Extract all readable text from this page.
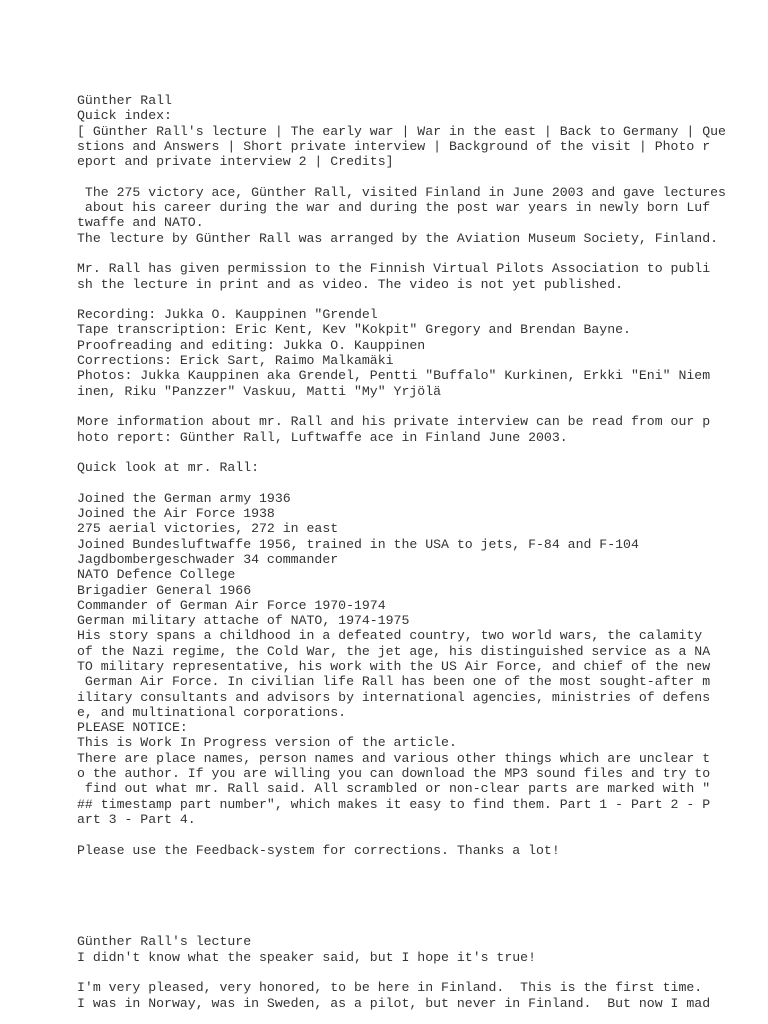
Günther Rall
Quick index:
[ Günther Rall's lecture | The early war | War in the east | Back to Germany | Que
stions and Answers | Short private interview | Background of the visit | Photo r
eport and private interview 2 | Credits]
The 275 victory ace, Günther Rall, visited Finland in June 2003 and gave lectures
about his career during the war and during the post war years in newly born Luf
twaffe and NATO.
The lecture by Günther Rall was arranged by the Aviation Museum Society, Finland.
Mr. Rall has given permission to the Finnish Virtual Pilots Association to publi
sh the lecture in print and as video. The video is not yet published.
Recording: Jukka O. Kauppinen "Grendel
Tape transcription: Eric Kent, Kev "Kokpit" Gregory and Brendan Bayne.
Proofreading and editing: Jukka O. Kauppinen
Corrections: Erick Sart, Raimo Malkamäki
Photos: Jukka Kauppinen aka Grendel, Pentti "Buffalo" Kurkinen, Erkki "Eni" Niem
inen, Riku "Panzzer" Vaskuu, Matti "My" Yrjölä
More information about mr. Rall and his private interview can be read from our p
hoto report: Günther Rall, Luftwaffe ace in Finland June 2003.
Quick look at mr. Rall:
Joined the German army 1936
Joined the Air Force 1938
275 aerial victories, 272 in east
Joined Bundesluftwaffe 1956, trained in the USA to jets, F-84 and F-104
Jagdbombergeschwader 34 commander
NATO Defence College
Brigadier General 1966
Commander of German Air Force 1970-1974
German military attache of NATO, 1974-1975
His story spans a childhood in a defeated country, two world wars, the calamity
of the Nazi regime, the Cold War, the jet age, his distinguished service as a NA
TO military representative, his work with the US Air Force, and chief of the new
German Air Force. In civilian life Rall has been one of the most sought-after m
ilitary consultants and advisors by international agencies, ministries of defens
e, and multinational corporations.
PLEASE NOTICE:
This is Work In Progress version of the article.
There are place names, person names and various other things which are unclear t
o the author. If you are willing you can download the MP3 sound files and try to
find out what mr. Rall said. All scrambled or non-clear parts are marked with "
## timestamp part number", which makes it easy to find them. Part 1 - Part 2 - P
art 3 - Part 4.
Please use the Feedback-system for corrections. Thanks a lot!
Günther Rall's lecture
I didn't know what the speaker said, but I hope it's true!
I'm very pleased, very honored, to be here in Finland.  This is the first time.
I was in Norway, was in Sweden, as a pilot, but never in Finland.  But now I mad
